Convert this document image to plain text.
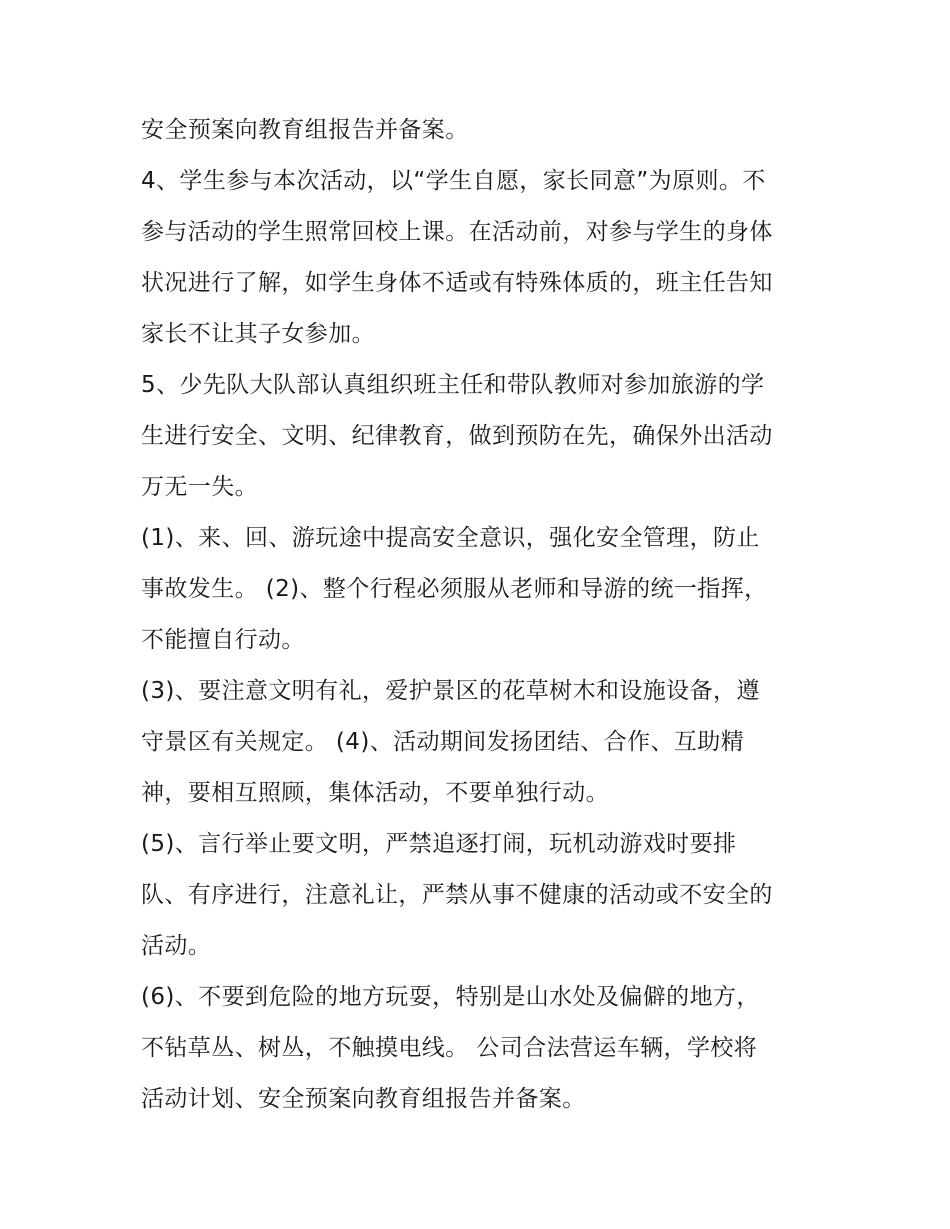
安全预案向教育组报告并备案。
4、学生参与本次活动，以“学生自愿，家长同意”为原则。不
参与活动的学生照常回校上课。在活动前，对参与学生的身体
状况进行了解，如学生身体不适或有特殊体质的，班主任告知
家长不让其子女参加。
5、少先队大队部认真组织班主任和带队教师对参加旅游的学
生进行安全、文明、纪律教育，做到预防在先，确保外出活动
万无一失。
(1)、来、回、游玩途中提高安全意识，强化安全管理，防止
事故发生。 (2)、整个行程必须服从老师和导游的统一指挥，
不能擅自行动。
(3)、要注意文明有礼，爱护景区的花草树木和设施设备，遵
守景区有关规定。 (4)、活动期间发扬团结、合作、互助精
神，要相互照顾，集体活动，不要单独行动。
(5)、言行举止要文明，严禁追逐打闹，玩机动游戏时要排
队、有序进行，注意礼让，严禁从事不健康的活动或不安全的
活动。
(6)、不要到危险的地方玩耍，特别是山水处及偏僻的地方，
不钻草丛、树丛，不触摸电线。 公司合法营运车辆，学校将
活动计划、安全预案向教育组报告并备案。
